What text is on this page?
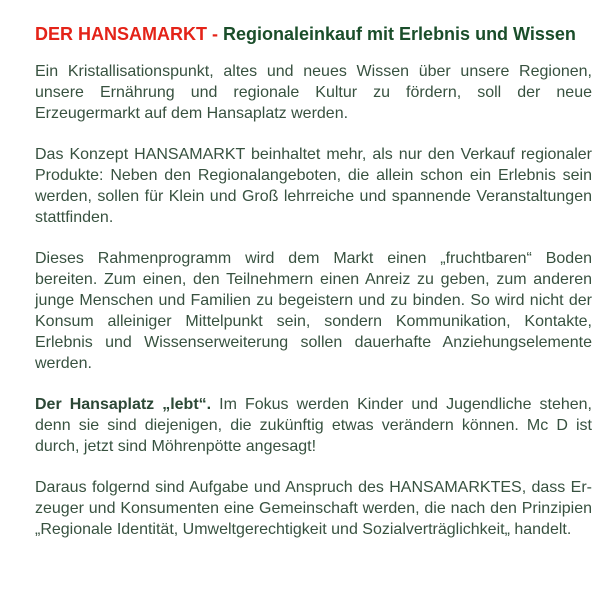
DER HANSAMARKT - Regionaleinkauf mit Erlebnis und Wissen

Ein Kristallisationspunkt, altes und neues Wissen über unsere Regionen, unsere Ernährung und regionale Kultur zu fördern, soll der neue Erzeugermarkt auf dem Hansaplatz werden.

Das Konzept HANSAMARKT beinhaltet mehr, als nur den Verkauf regionaler Produkte: Neben den Regionalangeboten, die allein schon ein Erlebnis sein werden, sollen für Klein und Groß lehrreiche und spannende Veranstaltungen stattfinden.

Dieses Rahmenprogramm wird dem Markt einen „fruchtbaren“ Boden bereiten. Zum einen, den Teilnehmern einen Anreiz zu geben, zum anderen junge Menschen und Familien zu begeistern und zu binden. So wird nicht der Konsum alleiniger Mittelpunkt sein, sondern Kommunikation, Kontakte, Erlebnis und Wissenserweiterung sollen dauerhafte Anziehungselemente werden.

Der Hansaplatz „lebt“. Im Fokus werden Kinder und Jugendliche stehen, denn sie sind diejenigen, die zukünftig etwas verändern können. Mc D ist durch, jetzt sind Möhrenpötte angesagt!

Daraus folgernd sind Aufgabe und Anspruch des HANSAMARKTES, dass Erzeuger und Konsumenten eine Gemeinschaft werden, die nach den Prinzipien „Regionale Identität, Umweltgerechtigkeit und Sozialverträglichkeit„ handelt.
